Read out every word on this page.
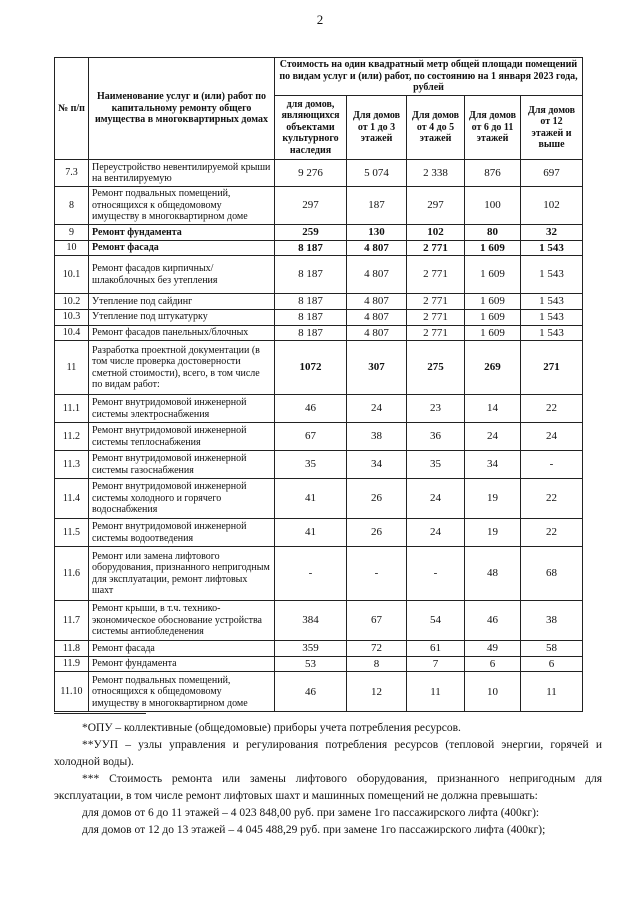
2
№ п/п	Наименование услуг и (или) работ по капитальному ремонту общего имущества в многоквартирных домах	Стоимость на один квадратный метр общей площади помещений по видам услуг и (или) работ, по состоянию на 1 января 2023 года, рублей				
		для домов, являющихся объектами культурного наследия	Для домов от 1 до 3 этажей	Для домов от 4 до 5 этажей	Для домов от 6 до 11 этажей	Для домов от 12 этажей и выше
7.3	Переустройство невентилируемой крыши на вентилируемую	9 276	5 074	2 338	876	697
8	Ремонт подвальных помещений, относящихся к общедомовому имуществу в многоквартирном доме	297	187	297	100	102
9	Ремонт фундамента	259	130	102	80	32
10	Ремонт фасада	8 187	4 807	2 771	1 609	1 543
10.1	Ремонт фасадов кирпичных/шлакоблочных без утепления	8 187	4 807	2 771	1 609	1 543
10.2	Утепление под сайдинг	8 187	4 807	2 771	1 609	1 543
10.3	Утепление под штукатурку	8 187	4 807	2 771	1 609	1 543
10.4	Ремонт фасадов панельных/блочных	8 187	4 807	2 771	1 609	1 543
11	Разработка проектной документации (в том числе проверка достоверности сметной стоимости), всего, в том числе по видам работ:	1072	307	275	269	271
11.1	Ремонт внутридомовой инженерной системы электроснабжения	46	24	23	14	22
11.2	Ремонт внутридомовой инженерной системы теплоснабжения	67	38	36	24	24
11.3	Ремонт внутридомовой инженерной системы газоснабжения	35	34	35	34	-
11.4	Ремонт внутридомовой инженерной системы холодного и горячего водоснабжения	41	26	24	19	22
11.5	Ремонт внутридомовой инженерной системы водоотведения	41	26	24	19	22
11.6	Ремонт или замена лифтового оборудования, признанного непригодным для эксплуатации, ремонт лифтовых шахт	-	-	-	48	68
11.7	Ремонт крыши, в т.ч. технико-экономическое обоснование устройства системы антиобледенения	384	67	54	46	38
11.8	Ремонт фасада	359	72	61	49	58
11.9	Ремонт фундамента	53	8	7	6	6
11.10	Ремонт подвальных помещений, относящихся к общедомовому имуществу в многоквартирном доме	46	12	11	10	11

*ОПУ – коллективные (общедомовые) приборы учета потребления ресурсов.

**УУП – узлы управления и регулирования потребления ресурсов (тепловой энергии, горячей и холодной воды).

*** Стоимость ремонта или замены лифтового оборудования, признанного непригодным для эксплуатации, в том числе ремонт лифтовых шахт и машинных помещений не должна превышать:

для домов от 6 до 11 этажей – 4 023 848,00 руб. при замене 1го пассажирского лифта (400кг):

для домов от 12 до 13 этажей – 4 045 488,29 руб. при замене 1го пассажирского лифта (400кг);
